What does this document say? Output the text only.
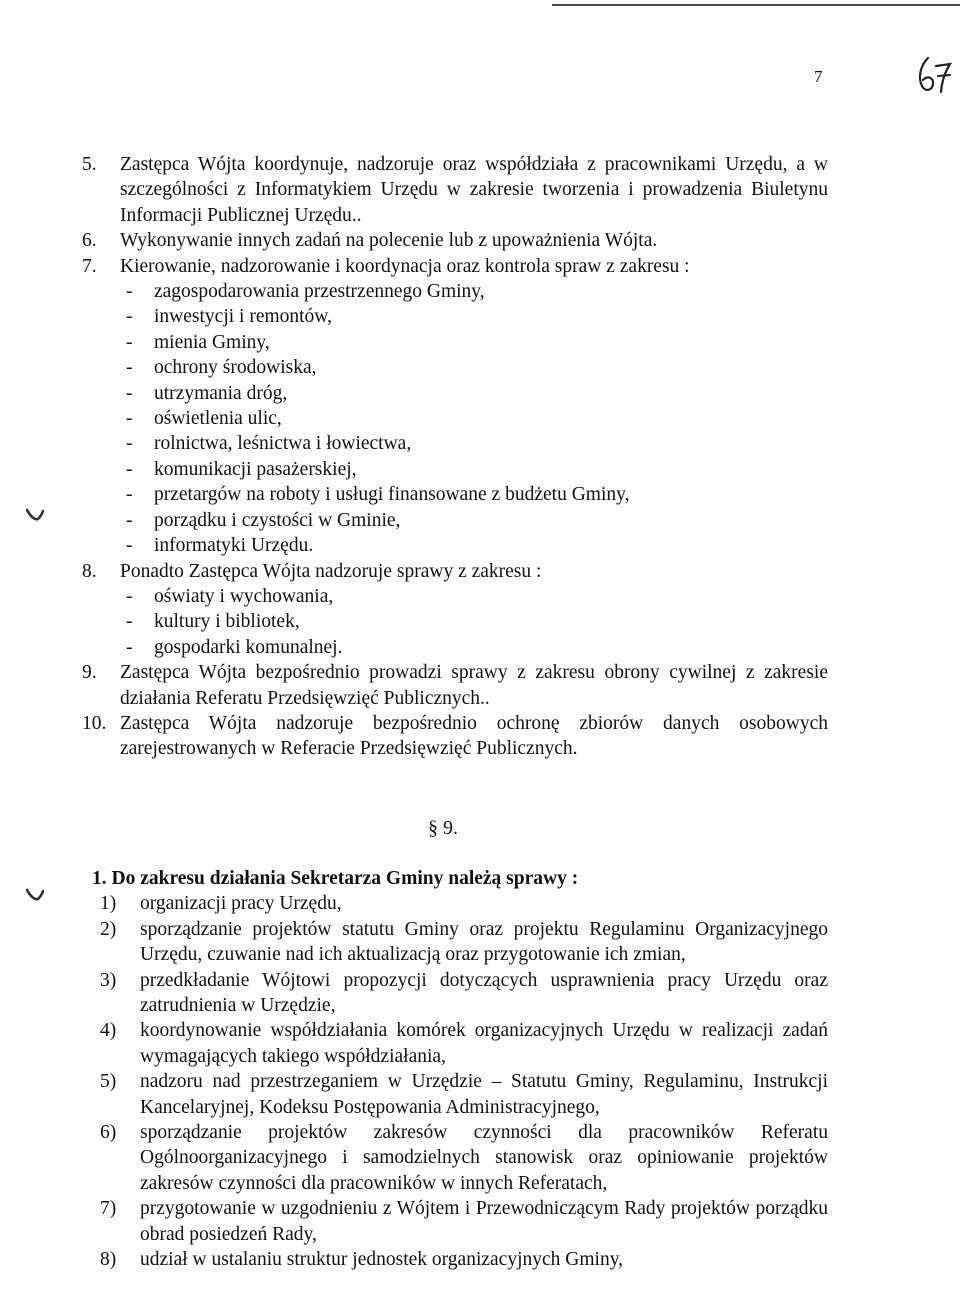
7
5. Zastępca Wójta koordynuje, nadzoruje oraz współdziała z pracownikami Urzędu, a w szczególności z Informatykiem Urzędu w zakresie tworzenia i prowadzenia Biuletynu Informacji Publicznej Urzędu..
6. Wykonywanie innych zadań na polecenie lub z upoważnienia Wójta.
7. Kierowanie, nadzorowanie i koordynacja oraz kontrola spraw z zakresu :
- zagospodarowania przestrzennego Gminy,
- inwestycji i remontów,
- mienia Gminy,
- ochrony środowiska,
- utrzymania dróg,
- oświetlenia ulic,
- rolnictwa, leśnictwa i łowiectwa,
- komunikacji pasażerskiej,
- przetargów na roboty i usługi finansowane z budżetu Gminy,
- porządku i czystości w Gminie,
- informatyki Urzędu.
8. Ponadto Zastępca Wójta nadzoruje sprawy z zakresu :
- oświaty i wychowania,
- kultury i bibliotek,
- gospodarki komunalnej.
9. Zastępca Wójta bezpośrednio prowadzi sprawy z zakresu obrony cywilnej z zakresie działania Referatu Przedsięwzięć Publicznych..
10. Zastępca Wójta nadzoruje bezpośrednio ochronę zbiorów danych osobowych zarejestrowanych w Referacie Przedsięwzięć Publicznych.
§ 9.
1. Do zakresu działania Sekretarza Gminy należą sprawy :
1) organizacji pracy Urzędu,
2) sporządzanie projektów statutu Gminy oraz projektu Regulaminu Organizacyjnego Urzędu, czuwanie nad ich aktualizacją oraz przygotowanie ich zmian,
3) przedkładanie Wójtowi propozycji dotyczących usprawnienia pracy Urzędu oraz zatrudnienia w Urzędzie,
4) koordynowanie współdziałania komórek organizacyjnych Urzędu w realizacji zadań wymagających takiego współdziałania,
5) nadzoru nad przestrzeganiem w Urzędzie – Statutu Gminy, Regulaminu, Instrukcji Kancelaryjnej, Kodeksu Postępowania Administracyjnego,
6) sporządzanie projektów zakresów czynności dla pracowników Referatu Ogólnoorganizacyjnego i samodzielnych stanowisk oraz opiniowanie projektów zakresów czynności dla pracowników w innych Referatach,
7) przygotowanie w uzgodnieniu z Wójtem i Przewodniczącym Rady projektów porządku obrad posiedzeń Rady,
8) udział w ustalaniu struktur jednostek organizacyjnych Gminy,
